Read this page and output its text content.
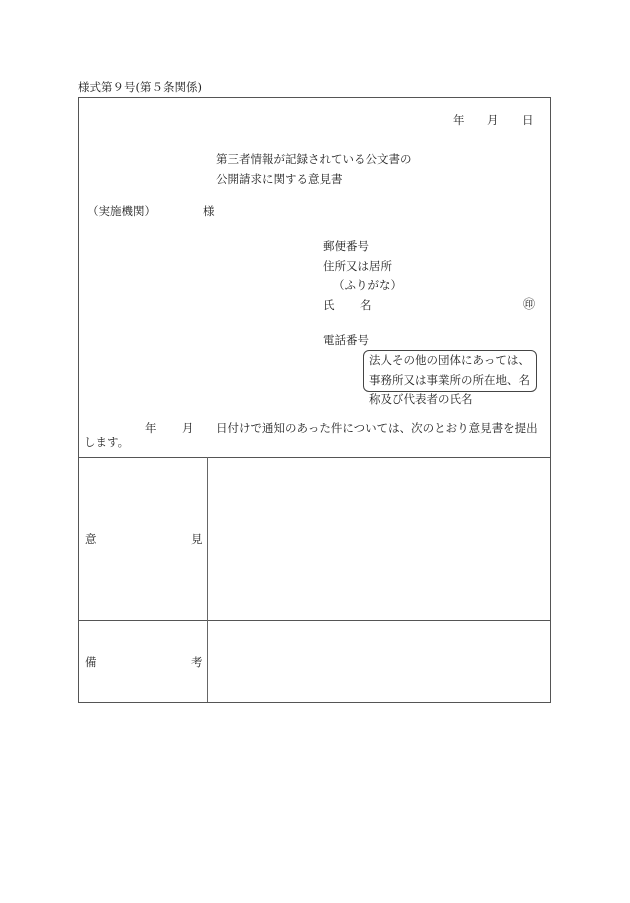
様式第９号(第５条関係)
年 月 日
第三者情報が記録されている公文書の
公開請求に関する意見書
（実施機関）	様
郵便番号
住所又は居所
（ふりがな）
氏 名	㊞
電話番号
法人その他の団体にあっては、
事務所又は事業所の所在地、名
称及び代表者の氏名
年 月 日付けで通知のあった件については、次のとおり意見書を提出
します。
意	見
備	考
